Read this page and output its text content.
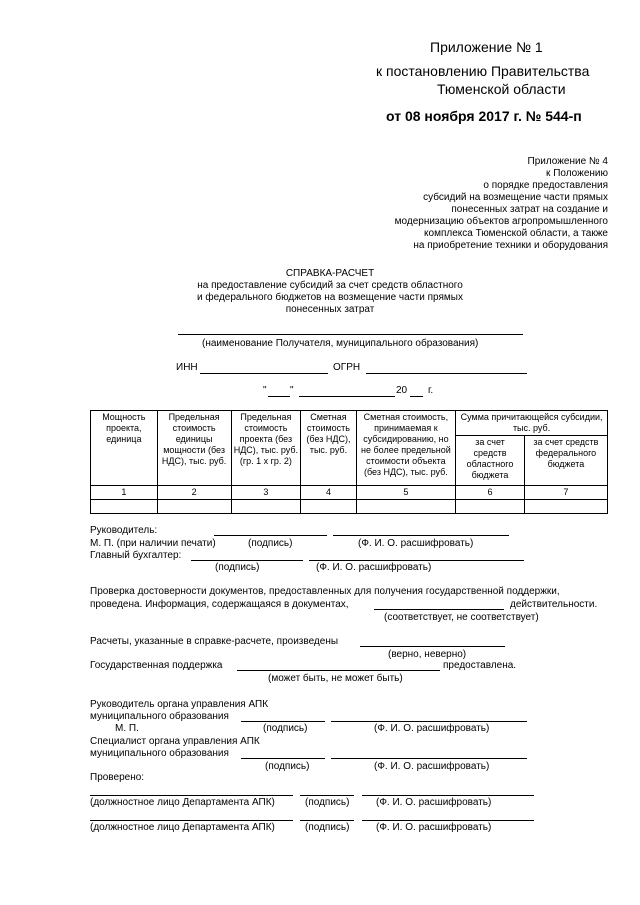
Приложение № 1
к постановлению Правительства
Тюменской области
от 08 ноября 2017 г. № 544-п
Приложение № 4
к Положению
о порядке предоставления
субсидий на возмещение части прямых
понесенных затрат на создание и
модернизацию объектов агропромышленного
комплекса Тюменской области, а также
на приобретение техники и оборудования
СПРАВКА-РАСЧЕТ
на предоставление субсидий за счет средств областного
и федерального бюджетов на возмещение части прямых
понесенных затрат
(наименование Получателя, муниципального образования)
ИНН	ОГРН
" "	20 г.
Мощность проекта, единица	Предельная стоимость единицы мощности (без НДС), тыс. руб.	Предельная стоимость проекта (без НДС), тыс. руб. (гр. 1 x гр. 2)	Сметная стоимость (без НДС), тыс. руб.	Сметная стоимость, принимаемая к субсидированию, но не более предельной стоимости объекта (без НДС), тыс. руб.	Сумма причитающейся субсидии, тыс. руб.	
					за счет средств областного бюджета	за счет средств федерального бюджета
1	2	3	4	5	6	7

Руководитель:
М. П. (при наличии печати)	(подпись)	(Ф. И. О. расшифровать)
Главный бухгалтер:
(подпись)	(Ф. И. О. расшифровать)
Проверка достоверности документов, предоставленных для получения государственной поддержки,
проведена. Информация, содержащаяся в документах,	действительности.
(соответствует, не соответствует)
Расчеты, указанные в справке-расчете, произведены
(верно, неверно)
Государственная поддержка	предоставлена.
(может быть, не может быть)
Руководитель органа управления АПК
муниципального образования
М. П.	(подпись)	(Ф. И. О. расшифровать)
Специалист органа управления АПК
муниципального образования
(подпись)	(Ф. И. О. расшифровать)
Проверено:
(должностное лицо Департамента АПК)	(подпись)	(Ф. И. О. расшифровать)
(должностное лицо Департамента АПК)	(подпись)	(Ф. И. О. расшифровать)
